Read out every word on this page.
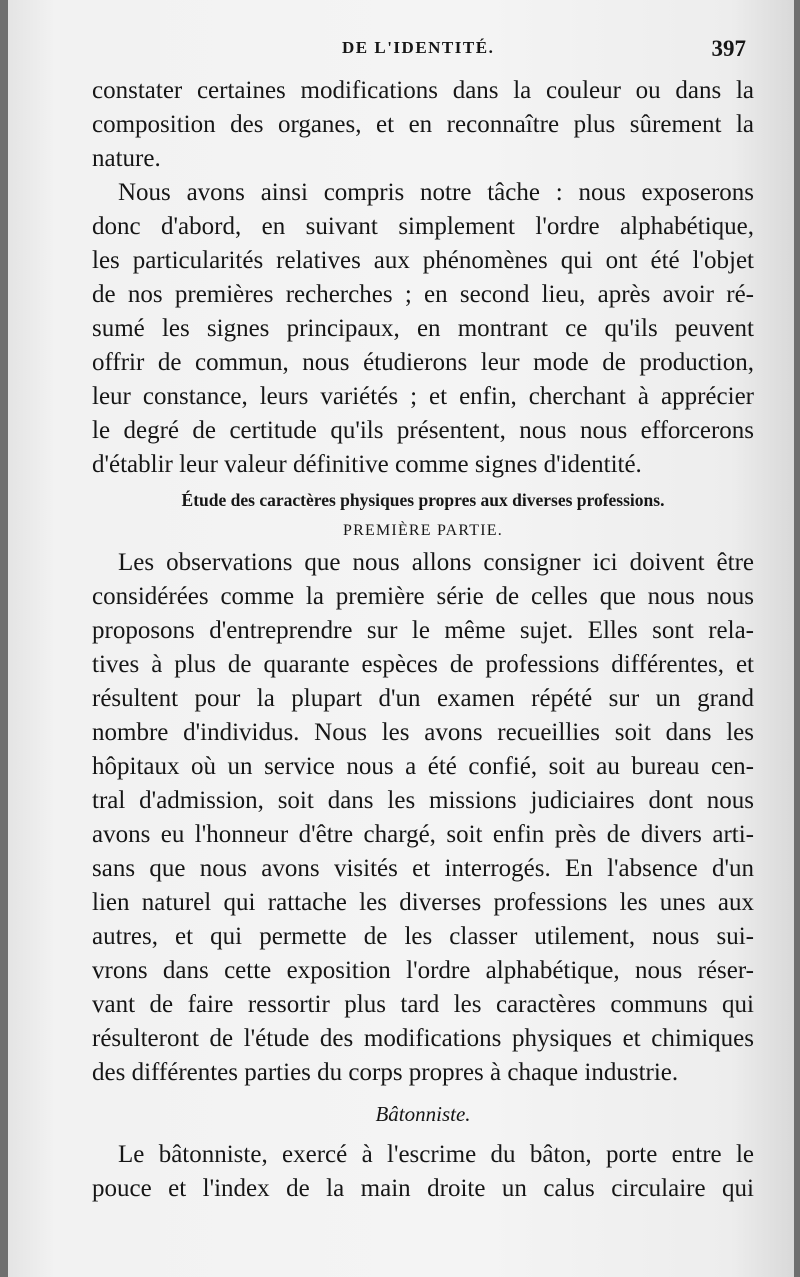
DE L'IDENTITÉ.	397
constater certaines modifications dans la couleur ou dans la
composition des organes, et en reconnaître plus sûrement la
nature.
Nous avons ainsi compris notre tâche : nous exposerons
donc d'abord, en suivant simplement l'ordre alphabétique,
les particularités relatives aux phénomènes qui ont été l'objet
de nos premières recherches ; en second lieu, après avoir ré-
sumé les signes principaux, en montrant ce qu'ils peuvent
offrir de commun, nous étudierons leur mode de production,
leur constance, leurs variétés ; et enfin, cherchant à apprécier
le degré de certitude qu'ils présentent, nous nous efforcerons
d'établir leur valeur définitive comme signes d'identité.
Étude des caractères physiques propres aux diverses professions.
PREMIÈRE PARTIE.
Les observations que nous allons consigner ici doivent être
considérées comme la première série de celles que nous nous
proposons d'entreprendre sur le même sujet. Elles sont rela-
tives à plus de quarante espèces de professions différentes, et
résultent pour la plupart d'un examen répété sur un grand
nombre d'individus. Nous les avons recueillies soit dans les
hôpitaux où un service nous a été confié, soit au bureau cen-
tral d'admission, soit dans les missions judiciaires dont nous
avons eu l'honneur d'être chargé, soit enfin près de divers arti-
sans que nous avons visités et interrogés. En l'absence d'un
lien naturel qui rattache les diverses professions les unes aux
autres, et qui permette de les classer utilement, nous sui-
vrons dans cette exposition l'ordre alphabétique, nous réser-
vant de faire ressortir plus tard les caractères communs qui
résulteront de l'étude des modifications physiques et chimiques
des différentes parties du corps propres à chaque industrie.
Bâtonniste.
Le bâtonniste, exercé à l'escrime du bâton, porte entre le
pouce et l'index de la main droite un calus circulaire qui
